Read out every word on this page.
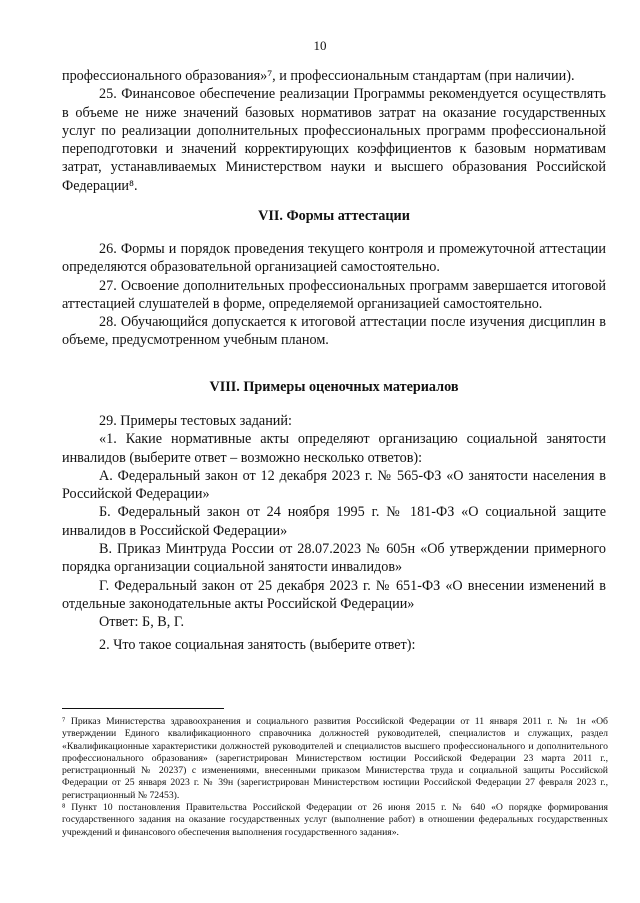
10

профессионального образования»⁷, и профессиональным стандартам (при наличии).

25. Финансовое обеспечение реализации Программы рекомендуется осуществлять в объеме не ниже значений базовых нормативов затрат на оказание государственных услуг по реализации дополнительных профессиональных программ профессиональной переподготовки и значений корректирующих коэффициентов к базовым нормативам затрат, устанавливаемых Министерством науки и высшего образования Российской Федерации⁸.

VII. Формы аттестации

26. Формы и порядок проведения текущего контроля и промежуточной аттестации определяются образовательной организацией самостоятельно.

27. Освоение дополнительных профессиональных программ завершается итоговой аттестацией слушателей в форме, определяемой организацией самостоятельно.

28. Обучающийся допускается к итоговой аттестации после изучения дисциплин в объеме, предусмотренном учебным планом.

VIII. Примеры оценочных материалов

29. Примеры тестовых заданий:

«1. Какие нормативные акты определяют организацию социальной занятости инвалидов (выберите ответ – возможно несколько ответов):

А. Федеральный закон от 12 декабря 2023 г. № 565-ФЗ «О занятости населения в Российской Федерации»

Б. Федеральный закон от 24 ноября 1995 г. № 181-ФЗ «О социальной защите инвалидов в Российской Федерации»

В. Приказ Минтруда России от 28.07.2023 № 605н «Об утверждении примерного порядка организации социальной занятости инвалидов»

Г. Федеральный закон от 25 декабря 2023 г. № 651-ФЗ «О внесении изменений в отдельные законодательные акты Российской Федерации»

Ответ: Б, В, Г.

2. Что такое социальная занятость (выберите ответ):

⁷ Приказ Министерства здравоохранения и социального развития Российской Федерации от 11 января 2011 г. № 1н «Об утверждении Единого квалификационного справочника должностей руководителей, специалистов и служащих, раздел «Квалификационные характеристики должностей руководителей и специалистов высшего профессионального и дополнительного профессионального образования» (зарегистрирован Министерством юстиции Российской Федерации 23 марта 2011 г., регистрационный № 20237) с изменениями, внесенными приказом Министерства труда и социальной защиты Российской Федерации от 25 января 2023 г. № 39н (зарегистрирован Министерством юстиции Российской Федерации 27 февраля 2023 г., регистрационный № 72453).

⁸ Пункт 10 постановления Правительства Российской Федерации от 26 июня 2015 г. № 640 «О порядке формирования государственного задания на оказание государственных услуг (выполнение работ) в отношении федеральных государственных учреждений и финансового обеспечения выполнения государственного задания».
